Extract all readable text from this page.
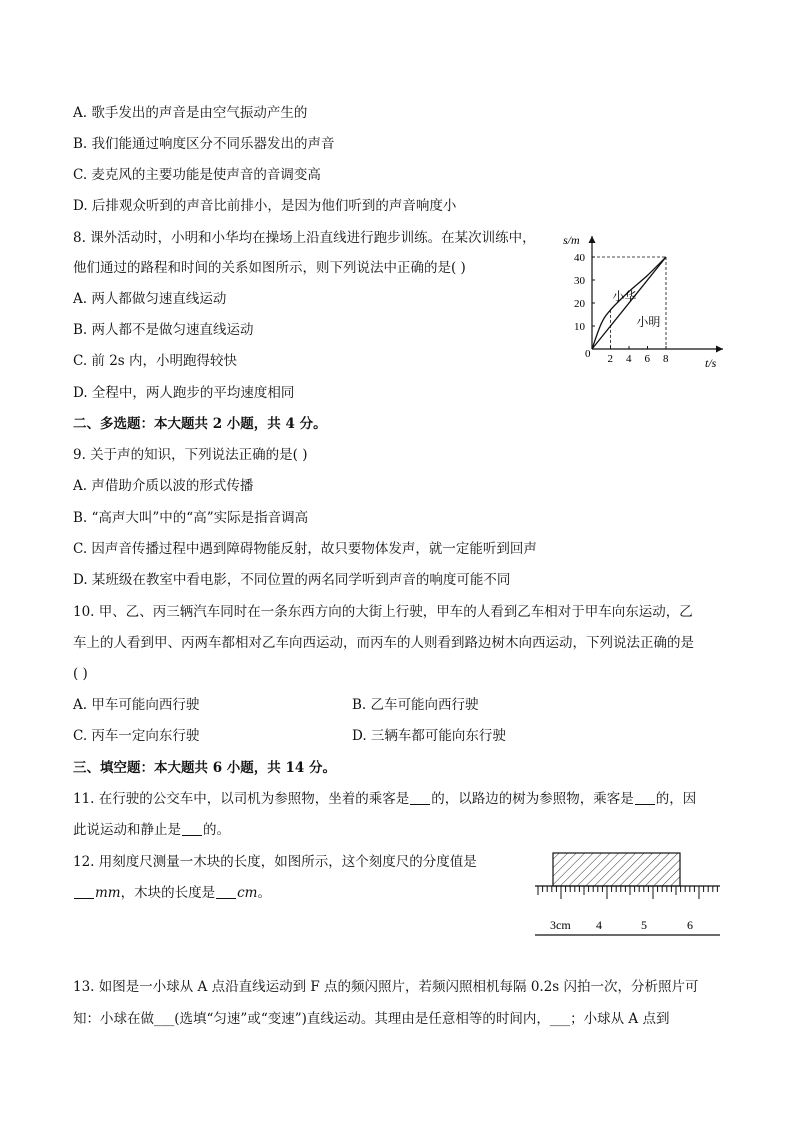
A. 歌手发出的声音是由空气振动产生的
B. 我们能通过响度区分不同乐器发出的声音
C. 麦克风的主要功能是使声音的音调变高
D. 后排观众听到的声音比前排小，是因为他们听到的声音响度小
8. 课外活动时，小明和小华均在操场上沿直线进行跑步训练。在某次训练中，
他们通过的路程和时间的关系如图所示，则下列说法中正确的是( )
A. 两人都做匀速直线运动
B. 两人都不是做匀速直线运动
C. 前 2s 内，小明跑得较快
D. 全程中，两人跑步的平均速度相同
s/m
t/s
0
10
20
30
40
2 4 6 8
小华
小明
二、多选题：本大题共 2 小题，共 4 分。
9. 关于声的知识，下列说法正确的是( )
A. 声借助介质以波的形式传播
B. “高声大叫”中的“高”实际是指音调高
C. 因声音传播过程中遇到障碍物能反射，故只要物体发声，就一定能听到回声
D. 某班级在教室中看电影，不同位置的两名同学听到声音的响度可能不同
10. 甲、乙、丙三辆汽车同时在一条东西方向的大街上行驶，甲车的人看到乙车相对于甲车向东运动，乙
车上的人看到甲、丙两车都相对乙车向西运动，而丙车的人则看到路边树木向西运动，下列说法正确的是
( )
A. 甲车可能向西行驶	B. 乙车可能向西行驶
C. 丙车一定向东行驶	D. 三辆车都可能向东行驶
三、填空题：本大题共 6 小题，共 14 分。
11. 在行驶的公交车中，以司机为参照物，坐着的乘客是 的，以路边的树为参照物，乘客是 的，因
此说运动和静止是 的。
12. 用刻度尺测量一木块的长度，如图所示，这个刻度尺的分度值是
mm，木块的长度是 cm。
3cm 4	5	6
13. 如图是一小球从 A 点沿直线运动到 F 点的频闪照片，若频闪照相机每隔 0.2s 闪拍一次，分析照片可
知：小球在做___(选填“匀速”或“变速”)直线运动。其理由是任意相等的时间内，___；小球从 A 点到
